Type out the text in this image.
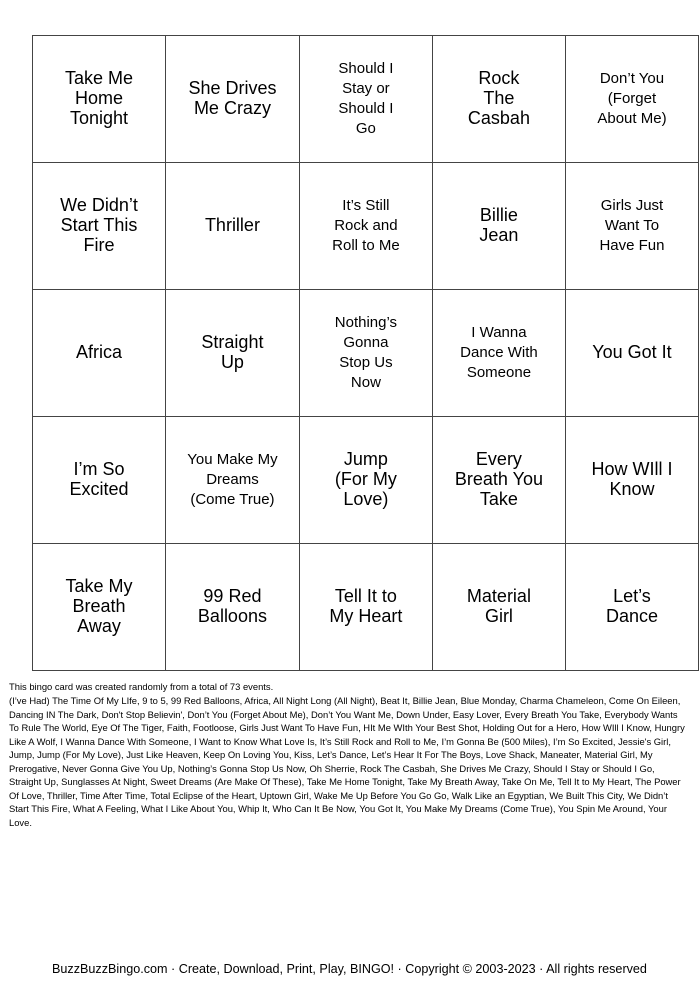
Take Me Home Tonight	She Drives Me Crazy	Should I Stay or Should I Go	Rock The Casbah	Don’t You (Forget About Me)
We Didn’t Start This Fire	Thriller	It’s Still Rock and Roll to Me	Billie Jean	Girls Just Want To Have Fun
Africa	Straight Up	Nothing’s Gonna Stop Us Now	I Wanna Dance With Someone	You Got It
I’m So Excited	You Make My Dreams (Come True)	Jump (For My Love)	Every Breath You Take	How WIll I Know
Take My Breath Away	99 Red Balloons	Tell It to My Heart	Material Girl	Let’s Dance
This bingo card was created randomly from a total of 73 events.
(I’ve Had) The Time Of My LIfe, 9 to 5, 99 Red Balloons, Africa, All Night Long (All Night), Beat It, Billie Jean, Blue Monday, Charma Chameleon, Come On Eileen, Dancing IN The Dark, Don't Stop Believin', Don’t You (Forget About Me), Don’t You Want Me, Down Under, Easy Lover, Every Breath You Take, Everybody Wants To Rule The World, Eye Of The Tiger, Faith, Footloose, Girls Just Want To Have Fun, HIt Me WIth Your Best Shot, Holding Out for a Hero, How WIll I Know, Hungry Like A Wolf, I Wanna Dance With Someone, I Want to Know What Love Is, It’s Still Rock and Roll to Me, I’m Gonna Be (500 Miles), I’m So Excited, Jessie's Girl, Jump, Jump (For My Love), Just Like Heaven, Keep On Loving You, Kiss, Let’s Dance, Let’s Hear It For The Boys, Love Shack, Maneater, Material Girl, My Prerogative, Never Gonna Give You Up, Nothing’s Gonna Stop Us Now, Oh Sherrie, Rock The Casbah, She Drives Me Crazy, Should I Stay or Should I Go, Straight Up, Sunglasses At Night, Sweet Dreams (Are Make Of These), Take Me Home Tonight, Take My Breath Away, Take On Me, Tell It to My Heart, The Power Of Love, Thriller, Time After Time, Total Eclipse of the Heart, Uptown Girl, Wake Me Up Before You Go Go, Walk Like an Egyptian, We Built This City, We Didn’t Start This Fire, What A Feeling, What I Like About You, Whip It, Who Can It Be Now, You Got It, You Make My Dreams (Come True), You Spin Me Around, Your Love.
BuzzBuzzBingo.com · Create, Download, Print, Play, BINGO! · Copyright © 2003-2023 · All rights reserved
